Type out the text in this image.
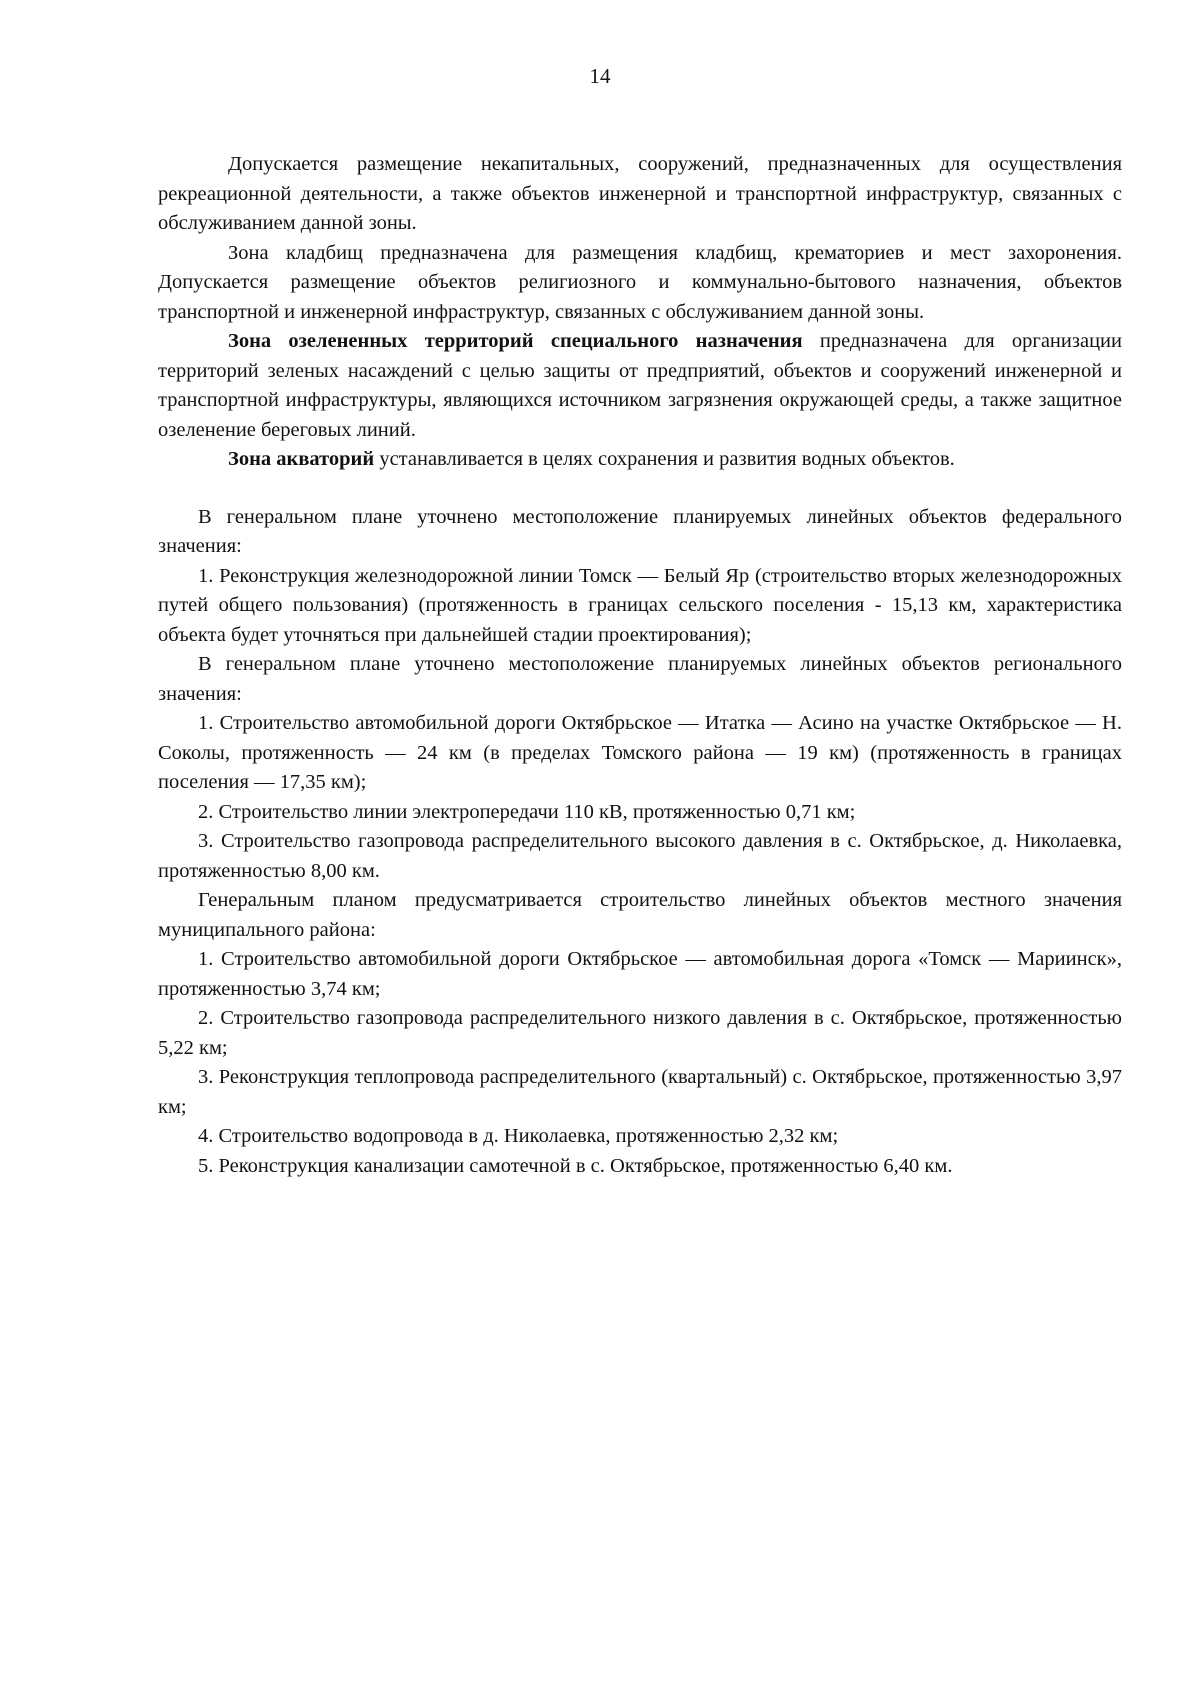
14

Допускается размещение некапитальных, сооружений, предназначенных для осуществления рекреационной деятельности, а также объектов инженерной и транспортной инфраструктур, связанных с обслуживанием данной зоны.

Зона кладбищ предназначена для размещения кладбищ, крематориев и мест захоронения. Допускается размещение объектов религиозного и коммунально-бытового назначения, объектов транспортной и инженерной инфраструктур, связанных с обслуживанием данной зоны.

Зона озелененных территорий специального назначения предназначена для организации территорий зеленых насаждений с целью защиты от предприятий, объектов и сооружений инженерной и транспортной инфраструктуры, являющихся источником загрязнения окружающей среды, а также защитное озеленение береговых линий.

Зона акваторий устанавливается в целях сохранения и развития водных объектов.

В генеральном плане уточнено местоположение планируемых линейных объектов федерального значения:

1. Реконструкция железнодорожной линии Томск — Белый Яр (строительство вторых железнодорожных путей общего пользования) (протяженность в границах сельского поселения - 15,13 км, характеристика объекта будет уточняться при дальнейшей стадии проектирования);

В генеральном плане уточнено местоположение планируемых линейных объектов регионального значения:

1. Строительство автомобильной дороги Октябрьское — Итатка — Асино на участке Октябрьское — Н. Соколы, протяженность — 24 км (в пределах Томского района — 19 км) (протяженность в границах поселения — 17,35 км);

2. Строительство линии электропередачи 110 кВ, протяженностью 0,71 км;

3. Строительство газопровода распределительного высокого давления в с. Октябрьское, д. Николаевка, протяженностью 8,00 км.

Генеральным планом предусматривается строительство линейных объектов местного значения муниципального района:

1. Строительство автомобильной дороги Октябрьское — автомобильная дорога «Томск — Мариинск», протяженностью 3,74 км;

2. Строительство газопровода распределительного низкого давления в с. Октябрьское, протяженностью 5,22 км;

3. Реконструкция теплопровода распределительного (квартальный) с. Октябрьское, протяженностью 3,97 км;

4. Строительство водопровода в д. Николаевка, протяженностью 2,32 км;

5. Реконструкция канализации самотечной в с. Октябрьское, протяженностью 6,40 км.
